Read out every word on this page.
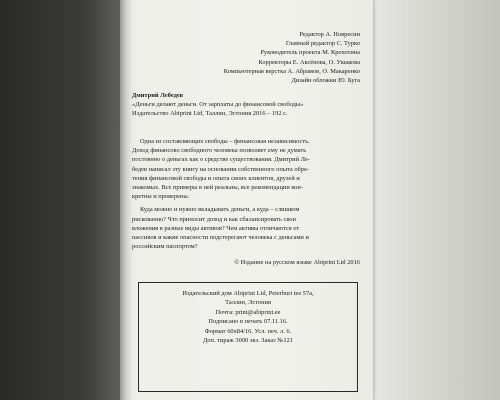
Редактор А. Новресин
Главный редактор С. Турко
Руководитель проекта М. Крохотина
Корректоры Е. Аксёнова, О. Ушакова
Компьютерная верстка А. Абрамов, О. Макаренко
Дизайн обложки Ю. Буга
Дмитрий Лебедев
«Деньги делают деньги. От зарплаты до финансовой свободы»
Издательство Abiprint Ltd, Таллин, Эстония 2016 – 192 с.

Одна из составляющих свободы – финансовая независимость.
Доход финансово свободного человека позволяет ему не думать
постоянно о деньгах как о средстве существования. Дмитрий Ле-
бедев написал эту книгу на основании собственного опыта обре-
тения финансовой свободы и опыта своих клиентов, друзей и
знакомых. Все примеры в ней реальны, все рекомендации кон-
кретны и проверены.

Куда можно и нужно вкладывать деньги, а куда – слишком
рискованно? Что приносит доход и как сбалансировать свои
вложения в разные виды активов? Чем активы отличаются от
пассивов и какие опасности подстерегают человека с деньгами и
российским паспортом?

© Издание на русском языке Abiprint Ltd 2016
Издательский дом Abiprint Ltd, Peterburi tee 57a,
Таллин, Эстония
Почта: print@abiprint.ee
Подписано в печать 07.11.16.
Формат 60х84/16. Усл. печ. л. 6.
Доп. тираж 3000 экз. Заказ №121
